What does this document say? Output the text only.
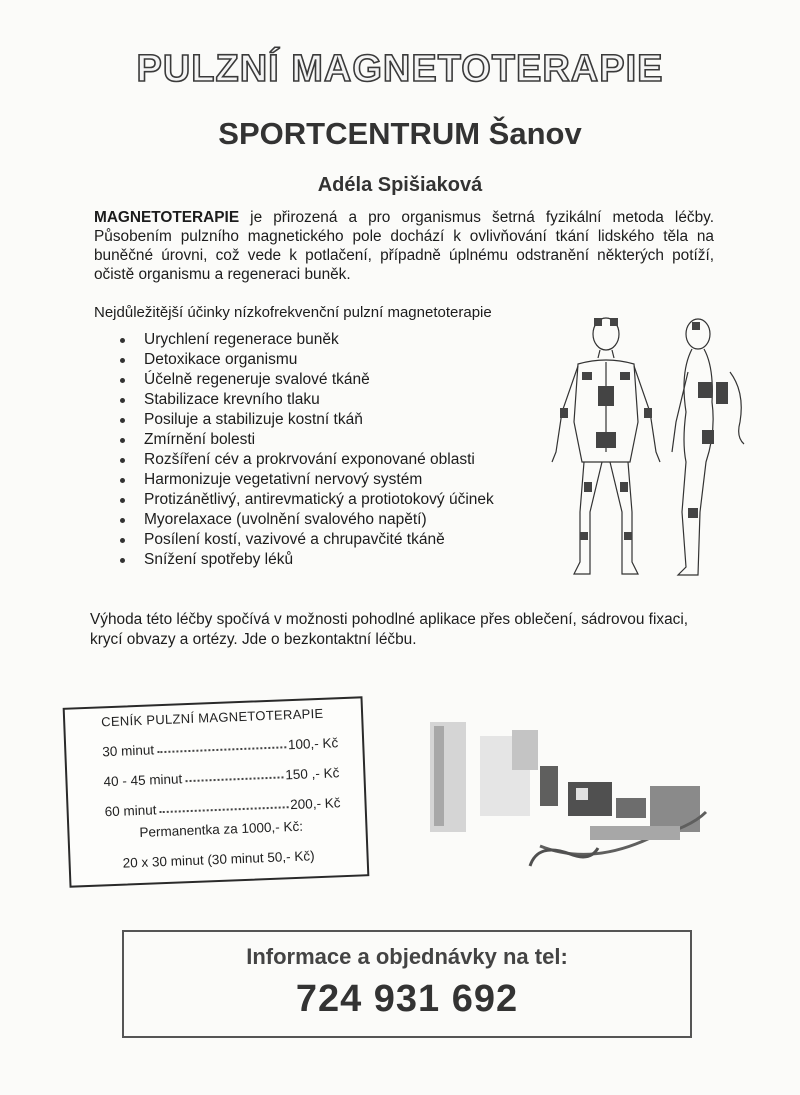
PULZNÍ MAGNETOTERAPIE
SPORTCENTRUM Šanov
Adéla Spišiaková
MAGNETOTERAPIE je přirozená a pro organismus šetrná fyzikální metoda léčby. Působením pulzního magnetického pole dochází k ovlivňování tkání lidského těla na buněčné úrovni, což vede k potlačení, případně úplnému odstranění některých potíží, očistě organismu a regeneraci buněk.
Nejdůležitější účinky nízkofrekvenční pulzní magnetoterapie
Urychlení regenerace buněk
Detoxikace organismu
Účelně regeneruje svalové tkáně
Stabilizace krevního tlaku
Posiluje a stabilizuje kostní tkáň
Zmírnění bolesti
Rozšíření cév a prokrvování exponované oblasti
Harmonizuje vegetativní nervový systém
Protizánětlivý, antirevmatický a protiotokový účinek
Myorelaxace (uvolnění svalového napětí)
Posílení kostí, vazivové a chrupavčité tkáně
Snížení spotřeby léků
Výhoda této léčby spočívá v možnosti pohodlné aplikace přes oblečení, sádrovou fixaci, krycí obvazy a ortézy. Jde o bezkontaktní léčbu.
CENÍK PULZNÍ MAGNETOTERAPIE
30 minut	100,- Kč
40 - 45 minut	150 ,- Kč
60 minut	200,- Kč
Permanentka za 1000,- Kč:
20 x 30 minut (30 minut 50,- Kč)
Informace a objednávky na tel:
724 931 692
